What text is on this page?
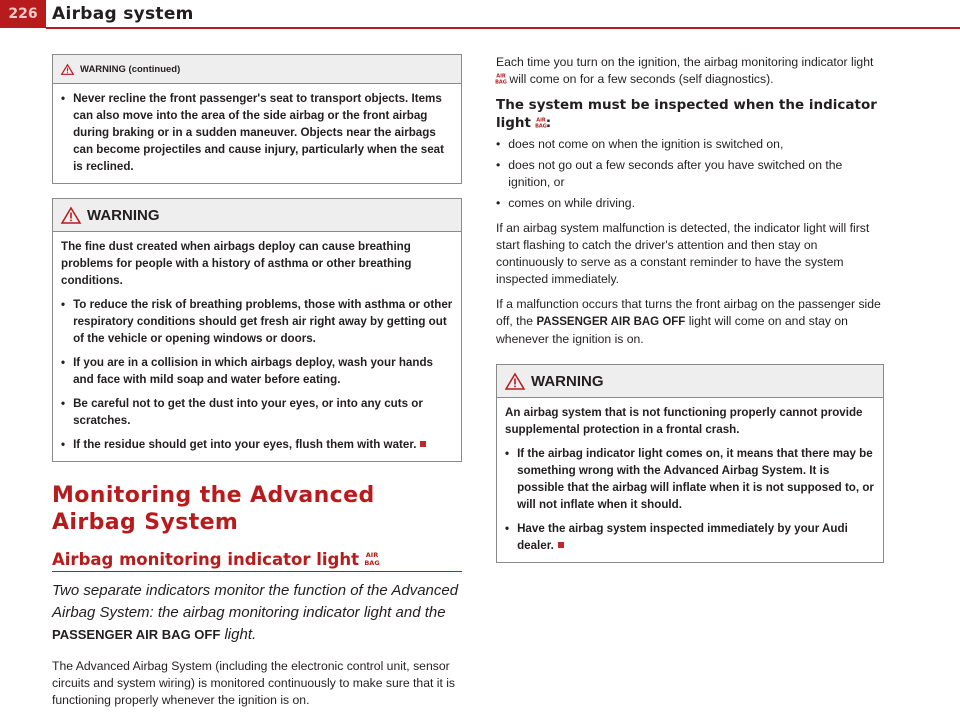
226 Airbag system
WARNING (continued)

• Never recline the front passenger's seat to transport objects. Items can also move into the area of the side airbag or the front airbag during braking or in a sudden maneuver. Objects near the airbags can become projectiles and cause injury, particularly when the seat is reclined.

WARNING

The fine dust created when airbags deploy can cause breathing problems for people with a history of asthma or other breathing conditions.

• To reduce the risk of breathing problems, those with asthma or other respiratory conditions should get fresh air right away by getting out of the vehicle or opening windows or doors.

• If you are in a collision in which airbags deploy, wash your hands and face with mild soap and water before eating.

• Be careful not to get the dust into your eyes, or into any cuts or scratches.

• If the residue should get into your eyes, flush them with water.

Monitoring the Advanced Airbag System
Airbag monitoring indicator light AIR
BAG

Two separate indicators monitor the function of the Advanced Airbag System: the airbag monitoring indicator light and the PASSENGER AIR BAG OFF light.

The Advanced Airbag System (including the electronic control unit, sensor circuits and system wiring) is monitored continuously to make sure that it is functioning properly whenever the ignition is on.

Each time you turn on the ignition, the airbag monitoring indicator light
AIR
BAG will come on for a few seconds (self diagnostics).

The system must be inspected when the indicator light AIR
BAG :
• does not come on when the ignition is switched on,
• does not go out a few seconds after you have switched on the ignition, or
• comes on while driving.

If an airbag system malfunction is detected, the indicator light will first start flashing to catch the driver's attention and then stay on continuously to serve as a constant reminder to have the system inspected immediately.

If a malfunction occurs that turns the front airbag on the passenger side off, the PASSENGER AIR BAG OFF light will come on and stay on whenever the ignition is on.

WARNING

An airbag system that is not functioning properly cannot provide supplemental protection in a frontal crash.

• If the airbag indicator light comes on, it means that there may be something wrong with the Advanced Airbag System. It is possible that the airbag will inflate when it is not supposed to, or will not inflate when it should.

• Have the airbag system inspected immediately by your Audi dealer.
